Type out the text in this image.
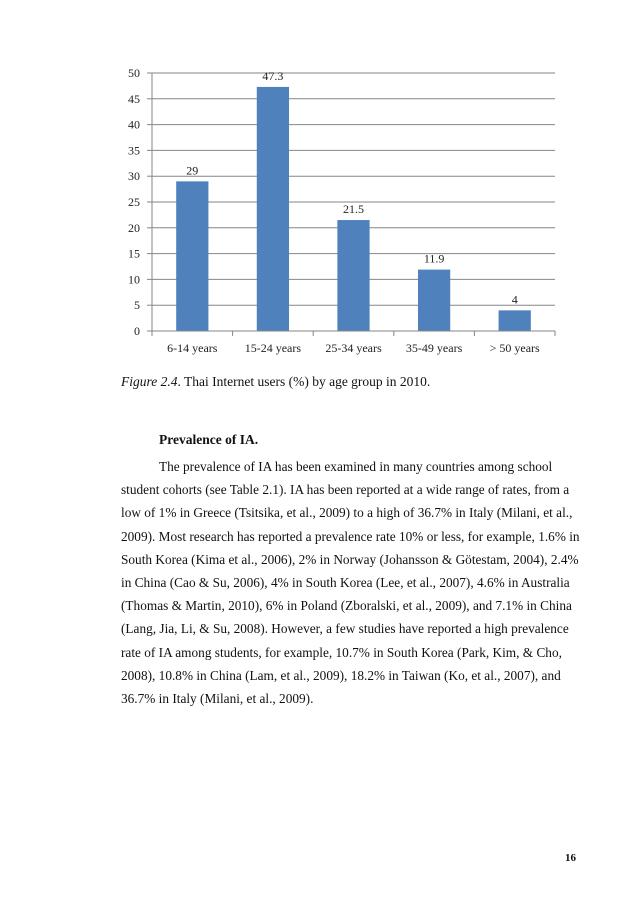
0
5
10
15
20
25
30
35
40
45
50
29
6-14 years
47.3
15-24 years
21.5
25-34 years
11.9
35-49 years
4
> 50 years
Figure 2.4. Thai Internet users (%) by age group in 2010.
Prevalence of IA.
The prevalence of IA has been examined in many countries among school
student cohorts (see Table 2.1). IA has been reported at a wide range of rates, from a
low of 1% in Greece (Tsitsika, et al., 2009) to a high of 36.7% in Italy (Milani, et al.,
2009). Most research has reported a prevalence rate 10% or less, for example, 1.6% in
South Korea (Kima et al., 2006), 2% in Norway (Johansson & Götestam, 2004), 2.4%
in China (Cao & Su, 2006), 4% in South Korea (Lee, et al., 2007), 4.6% in Australia
(Thomas & Martin, 2010), 6% in Poland (Zboralski, et al., 2009), and 7.1% in China
(Lang, Jia, Li, & Su, 2008). However, a few studies have reported a high prevalence
rate of IA among students, for example, 10.7% in South Korea (Park, Kim, & Cho,
2008), 10.8% in China (Lam, et al., 2009), 18.2% in Taiwan (Ko, et al., 2007), and
36.7% in Italy (Milani, et al., 2009).
16
